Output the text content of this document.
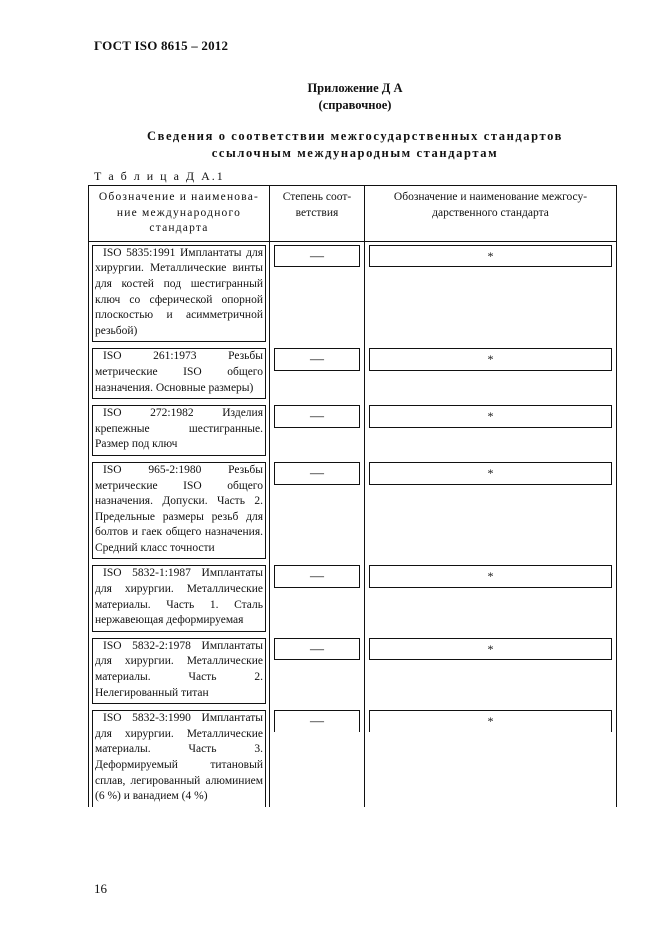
ГОСТ ISO 8615 – 2012
Приложение Д А
(справочное)
Сведения о соответствии межгосударственных стандартов
ссылочным международным стандартам
Т а б л и ц а Д А.1
Обозначение и наименова-ние международного стандарта	Степень соот-ветствия	Обозначение и наименование межгосу-дарственного стандарта

ISO 5835:1991 Имплантаты для хирургии. Металлические винты для костей под шестигранный ключ со сферической опорной плоскостью и асимметричной резьбой)	—	*

ISO 261:1973 Резьбы метрические ISO общего назначения. Основные размеры)	—	*

ISO 272:1982 Изделия крепежные шестигранные. Размер под ключ	—	*

ISO 965-2:1980 Резьбы метрические ISO общего назначения. Допуски. Часть 2. Предельные размеры резьб для болтов и гаек общего назначения. Средний класс точности	—	*

ISO 5832-1:1987 Имплантаты для хирургии. Металлические материалы. Часть 1. Сталь нержавеющая деформируемая	—	*

ISO 5832-2:1978 Имплантаты для хирургии. Металлические материалы. Часть 2. Нелегированный титан	—	*

ISO 5832-3:1990 Имплантаты для хирургии. Металлические материалы. Часть 3. Деформируемый титановый сплав, легированный алюминием (6 %) и ванадием (4 %)	—	*
16
